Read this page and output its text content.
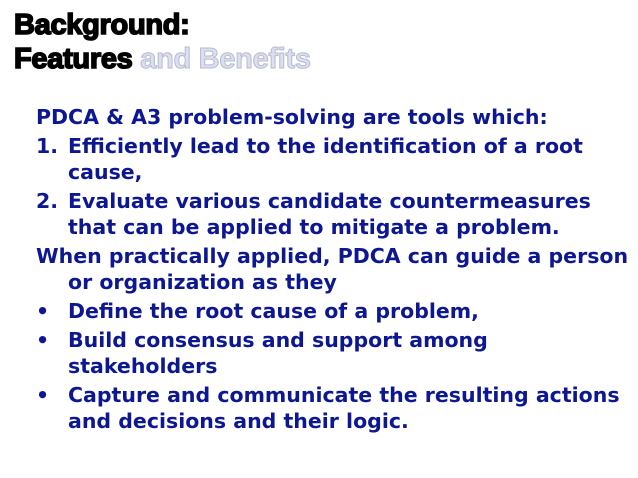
Background:
Features and Benefits
PDCA & A3 problem-solving are tools which:
1. Efficiently lead to the identification of a root cause,
2. Evaluate various candidate countermeasures that can be applied to mitigate a problem.
When practically applied, PDCA can guide a person or organization as they
• Define the root cause of a problem,
• Build consensus and support among stakeholders
• Capture and communicate the resulting actions and decisions and their logic.
